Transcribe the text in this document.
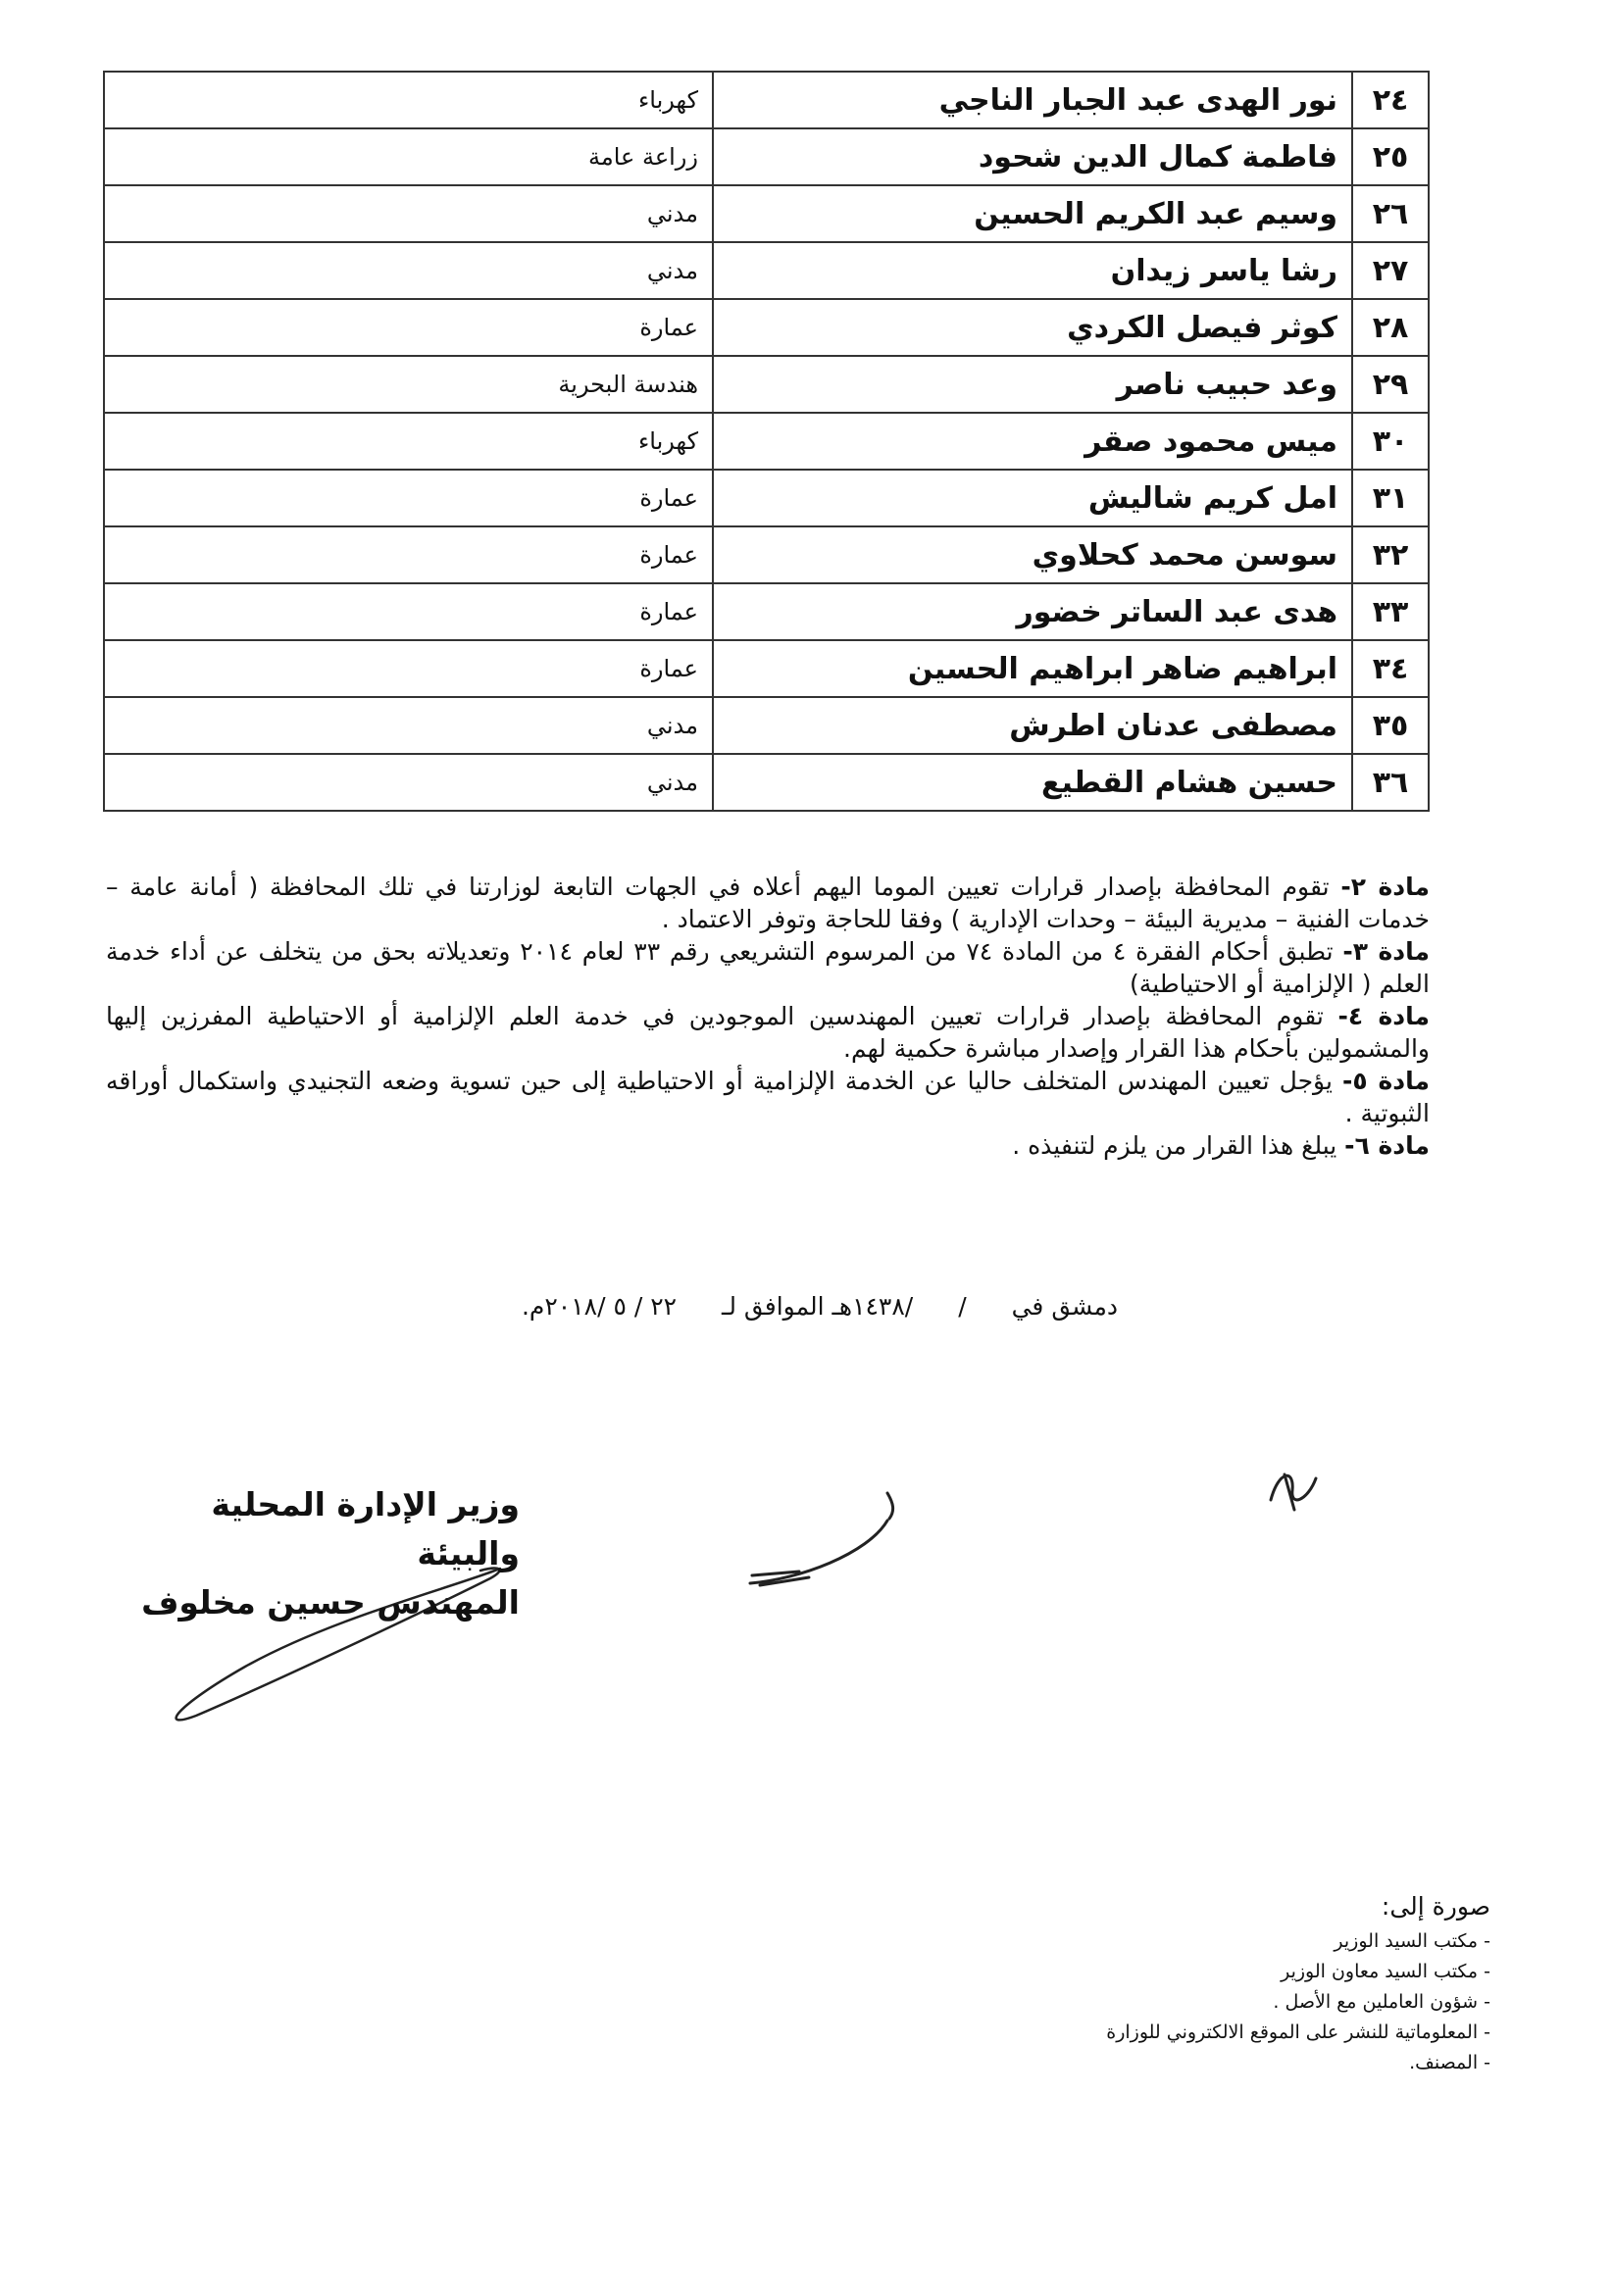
٢٤	نور الهدى عبد الجبار الناجي	كهرباء
٢٥	فاطمة كمال الدين شحود	زراعة عامة
٢٦	وسيم عبد الكريم الحسين	مدني
٢٧	رشا ياسر زيدان	مدني
٢٨	كوثر فيصل الكردي	عمارة
٢٩	وعد حبيب ناصر	هندسة البحرية
٣٠	ميس محمود صقر	كهرباء
٣١	امل كريم شاليش	عمارة
٣٢	سوسن محمد كحلاوي	عمارة
٣٣	هدى عبد الساتر خضور	عمارة
٣٤	ابراهيم ضاهر ابراهيم الحسين	عمارة
٣٥	مصطفى عدنان اطرش	مدني
٣٦	حسين هشام القطيع	مدني

مادة ٢- تقوم المحافظة بإصدار قرارات تعيين الموما اليهم أعلاه في الجهات التابعة لوزارتنا في تلك المحافظة ( أمانة عامة – خدمات الفنية – مديرية البيئة – وحدات الإدارية ) وفقا للحاجة وتوفر الاعتماد .

مادة ٣- تطبق أحكام الفقرة ٤ من المادة ٧٤ من المرسوم التشريعي رقم ٣٣ لعام ٢٠١٤ وتعديلاته بحق من يتخلف عن أداء خدمة العلم ( الإلزامية أو الاحتياطية)

مادة ٤- تقوم المحافظة بإصدار قرارات تعيين المهندسين الموجودين في خدمة العلم الإلزامية أو الاحتياطية المفرزين إليها والمشمولين بأحكام هذا القرار وإصدار مباشرة حكمية لهم.

مادة ٥- يؤجل تعيين المهندس المتخلف حاليا عن الخدمة الإلزامية أو الاحتياطية إلى حين تسوية وضعه التجنيدي واستكمال أوراقه الثبوتية .

مادة ٦- يبلغ هذا القرار من يلزم لتنفيذه .

دمشق في / /١٤٣٨هـ الموافق لـ ٢٢ / ٥ /٢٠١٨م.
وزير الإدارة المحلية والبيئة
المهندس حسين مخلوف
صورة إلى:
- مكتب السيد الوزير
- مكتب السيد معاون الوزير
- شؤون العاملين مع الأصل .
- المعلوماتية للنشر على الموقع الالكتروني للوزارة
- المصنف.
